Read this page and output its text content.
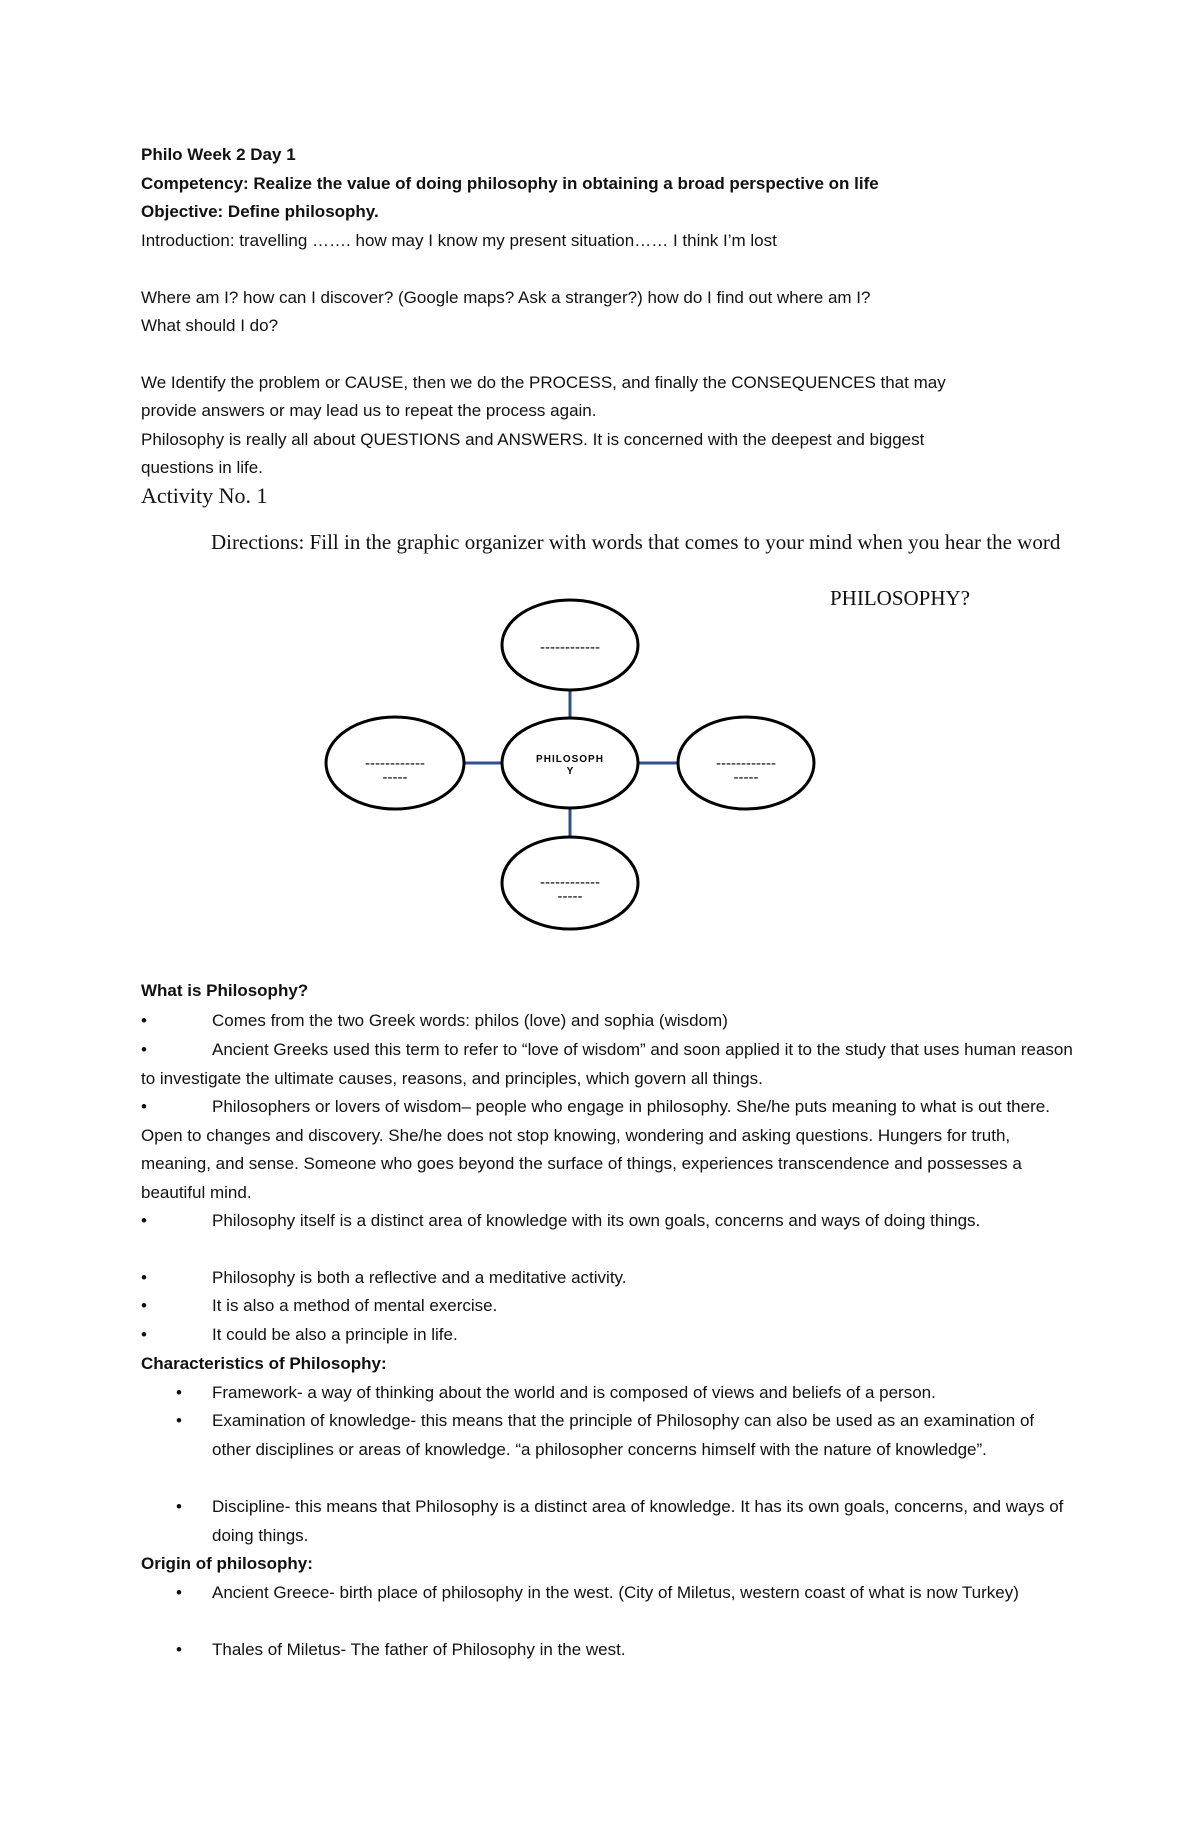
Philo Week 2 Day 1
Competency: Realize the value of doing philosophy in obtaining a broad perspective on life
Objective: Define philosophy.
Introduction: travelling ……. how may I know my present situation…… I think I’m lost
Where am I? how can I discover? (Google maps? Ask a stranger?) how do I find out where am I?
What should I do?
We Identify the problem or CAUSE, then we do the PROCESS, and finally the CONSEQUENCES that may
provide answers or may lead us to repeat the process again.
Philosophy is really all about QUESTIONS and ANSWERS. It is concerned with the deepest and biggest
questions in life.
Activity No. 1
Directions: Fill in the graphic organizer with words that comes to your mind when you hear the word
PHILOSOPHY?
------------
PHILOSOPH
Y
------------
-----
------------
-----
------------
-----
What is Philosophy?
•	Comes from the two Greek words: philos (love) and sophia (wisdom)
•	Ancient Greeks used this term to refer to “love of wisdom” and soon applied it to the study that uses human reason to investigate the ultimate causes, reasons, and principles, which govern all things.
•	Philosophers or lovers of wisdom– people who engage in philosophy. She/he puts meaning to what is out there. Open to changes and discovery. She/he does not stop knowing, wondering and asking questions. Hungers for truth, meaning, and sense. Someone who goes beyond the surface of things, experiences transcendence and possesses a beautiful mind.
•	Philosophy itself is a distinct area of knowledge with its own goals, concerns and ways of doing things.
•	Philosophy is both a reflective and a meditative activity.
•	It is also a method of mental exercise.
•	It could be also a principle in life.
Characteristics of Philosophy:
• Framework- a way of thinking about the world and is composed of views and beliefs of a person.
• Examination of knowledge- this means that the principle of Philosophy can also be used as an examination of other disciplines or areas of knowledge. “a philosopher concerns himself with the nature of knowledge”.
• Discipline- this means that Philosophy is a distinct area of knowledge. It has its own goals, concerns, and ways of doing things.
Origin of philosophy:
• Ancient Greece- birth place of philosophy in the west. (City of Miletus, western coast of what is now Turkey)
• Thales of Miletus- The father of Philosophy in the west.
